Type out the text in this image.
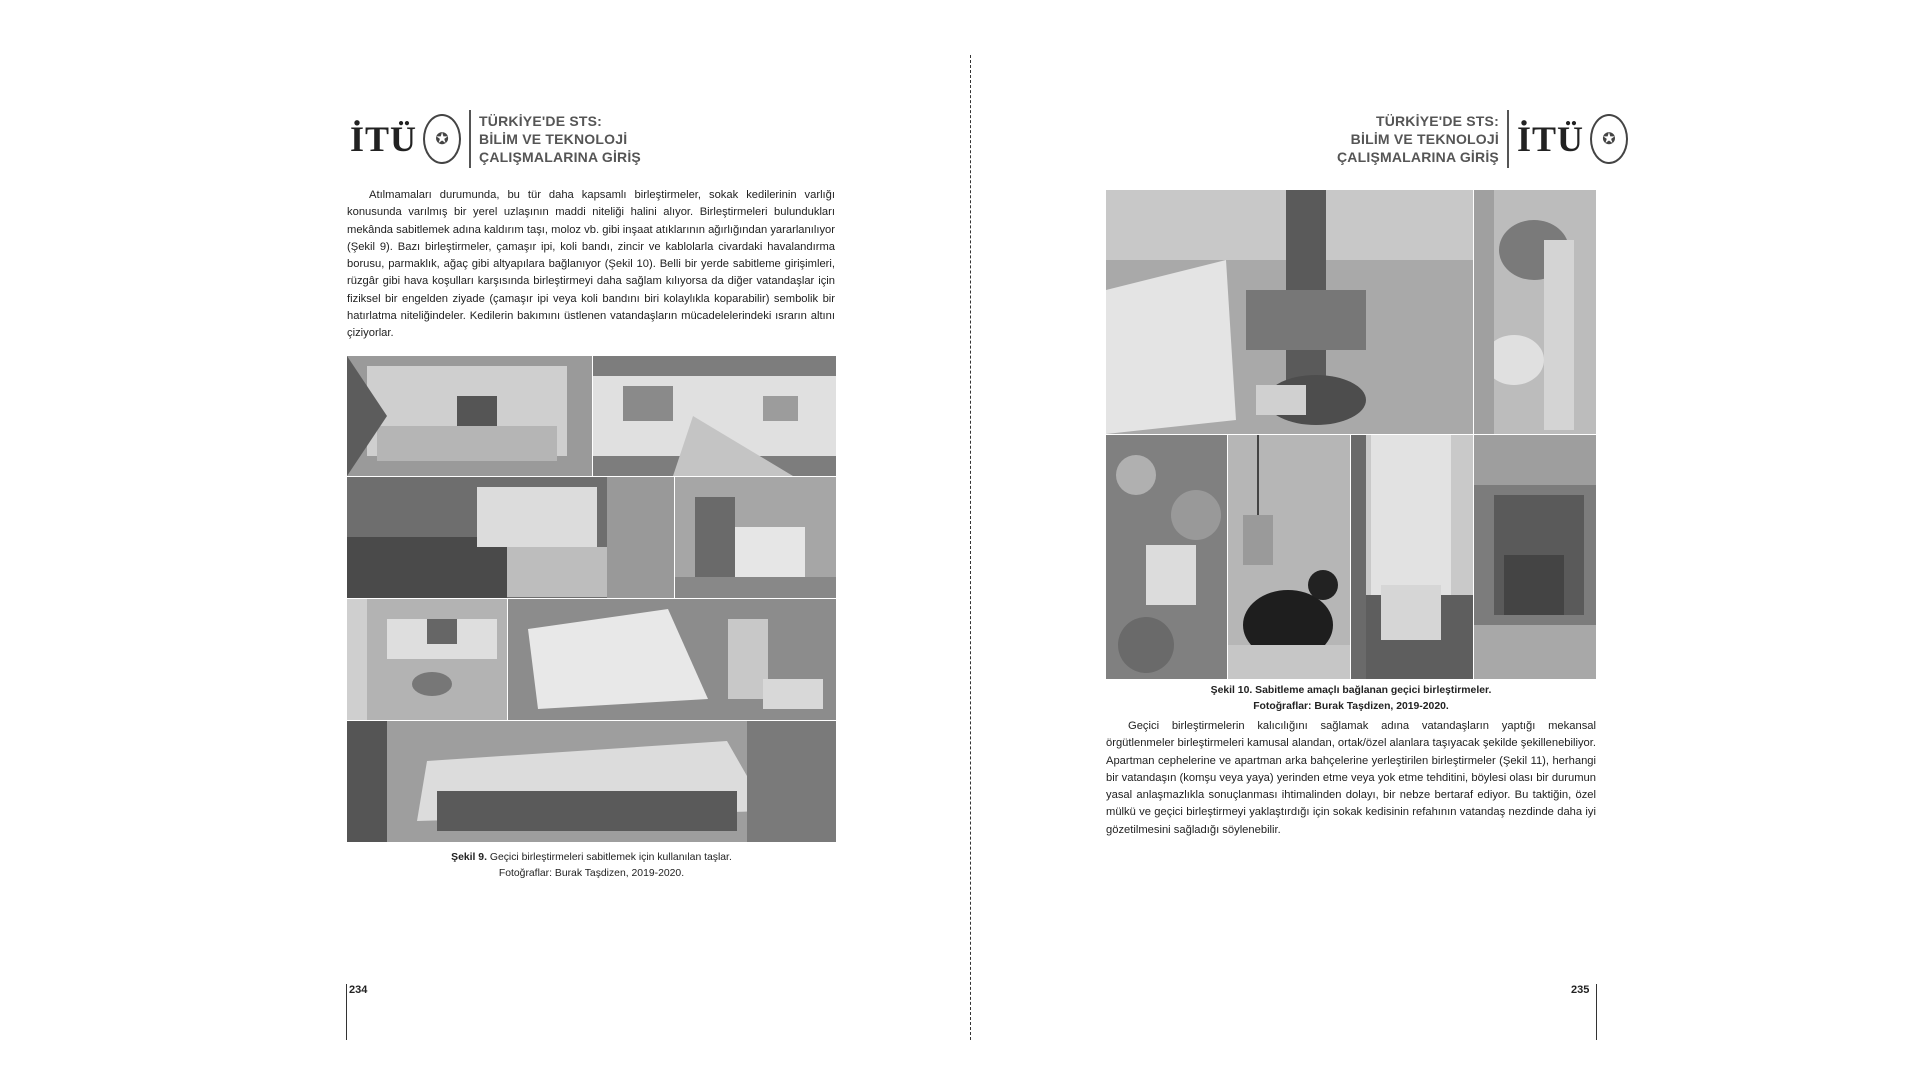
İTÜ ✪
TÜRKİYE'DE STS:
BİLİM VE TEKNOLOJİ
ÇALIŞMALARINA GİRİŞ

Atılmamaları durumunda, bu tür daha kapsamlı birleştirmeler, sokak kedilerinin varlığı konusunda varılmış bir yerel uzlaşının maddi niteliği halini alıyor. Birleştirmeleri bulundukları mekânda sabitlemek adına kaldırım taşı, moloz vb. gibi inşaat atıklarının ağırlığından yararlanılıyor (Şekil 9). Bazı birleştirmeler, çamaşır ipi, koli bandı, zincir ve kablolarla civardaki havalandırma borusu, parmaklık, ağaç gibi altyapılara bağlanıyor (Şekil 10). Belli bir yerde sabitleme girişimleri, rüzgâr gibi hava koşulları karşısında birleştirmeyi daha sağlam kılıyorsa da diğer vatandaşlar için fiziksel bir engelden ziyade (çamaşır ipi veya koli bandını biri kolaylıkla koparabilir) sembolik bir hatırlatma niteliğindeler. Kedilerin bakımını üstlenen vatandaşların mücadelelerindeki ısrarın altını çiziyorlar.

Şekil 9. Geçici birleştirmeleri sabitlemek için kullanılan taşlar.
Fotoğraflar: Burak Taşdizen, 2019-2020.
234
TÜRKİYE'DE STS:
BİLİM VE TEKNOLOJİ
ÇALIŞMALARINA GİRİŞ İTÜ ✪
Şekil 10. Sabitleme amaçlı bağlanan geçici birleştirmeler.
Fotoğraflar: Burak Taşdizen, 2019-2020.

Geçici birleştirmelerin kalıcılığını sağlamak adına vatandaşların yaptığı mekansal örgütlenmeler birleştirmeleri kamusal alandan, ortak/özel alanlara taşıyacak şekilde şekillenebiliyor. Apartman cephelerine ve apartman arka bahçelerine yerleştirilen birleştirmeler (Şekil 11), herhangi bir vatandaşın (komşu veya yaya) yerinden etme veya yok etme tehditini, böylesi olası bir durumun yasal anlaşmazlıkla sonuçlanması ihtimalinden dolayı, bir nebze bertaraf ediyor. Bu taktiğin, özel mülkü ve geçici birleştirmeyi yaklaştırdığı için sokak kedisinin refahının vatandaş nezdinde daha iyi gözetilmesini sağladığı söylenebilir.

235
